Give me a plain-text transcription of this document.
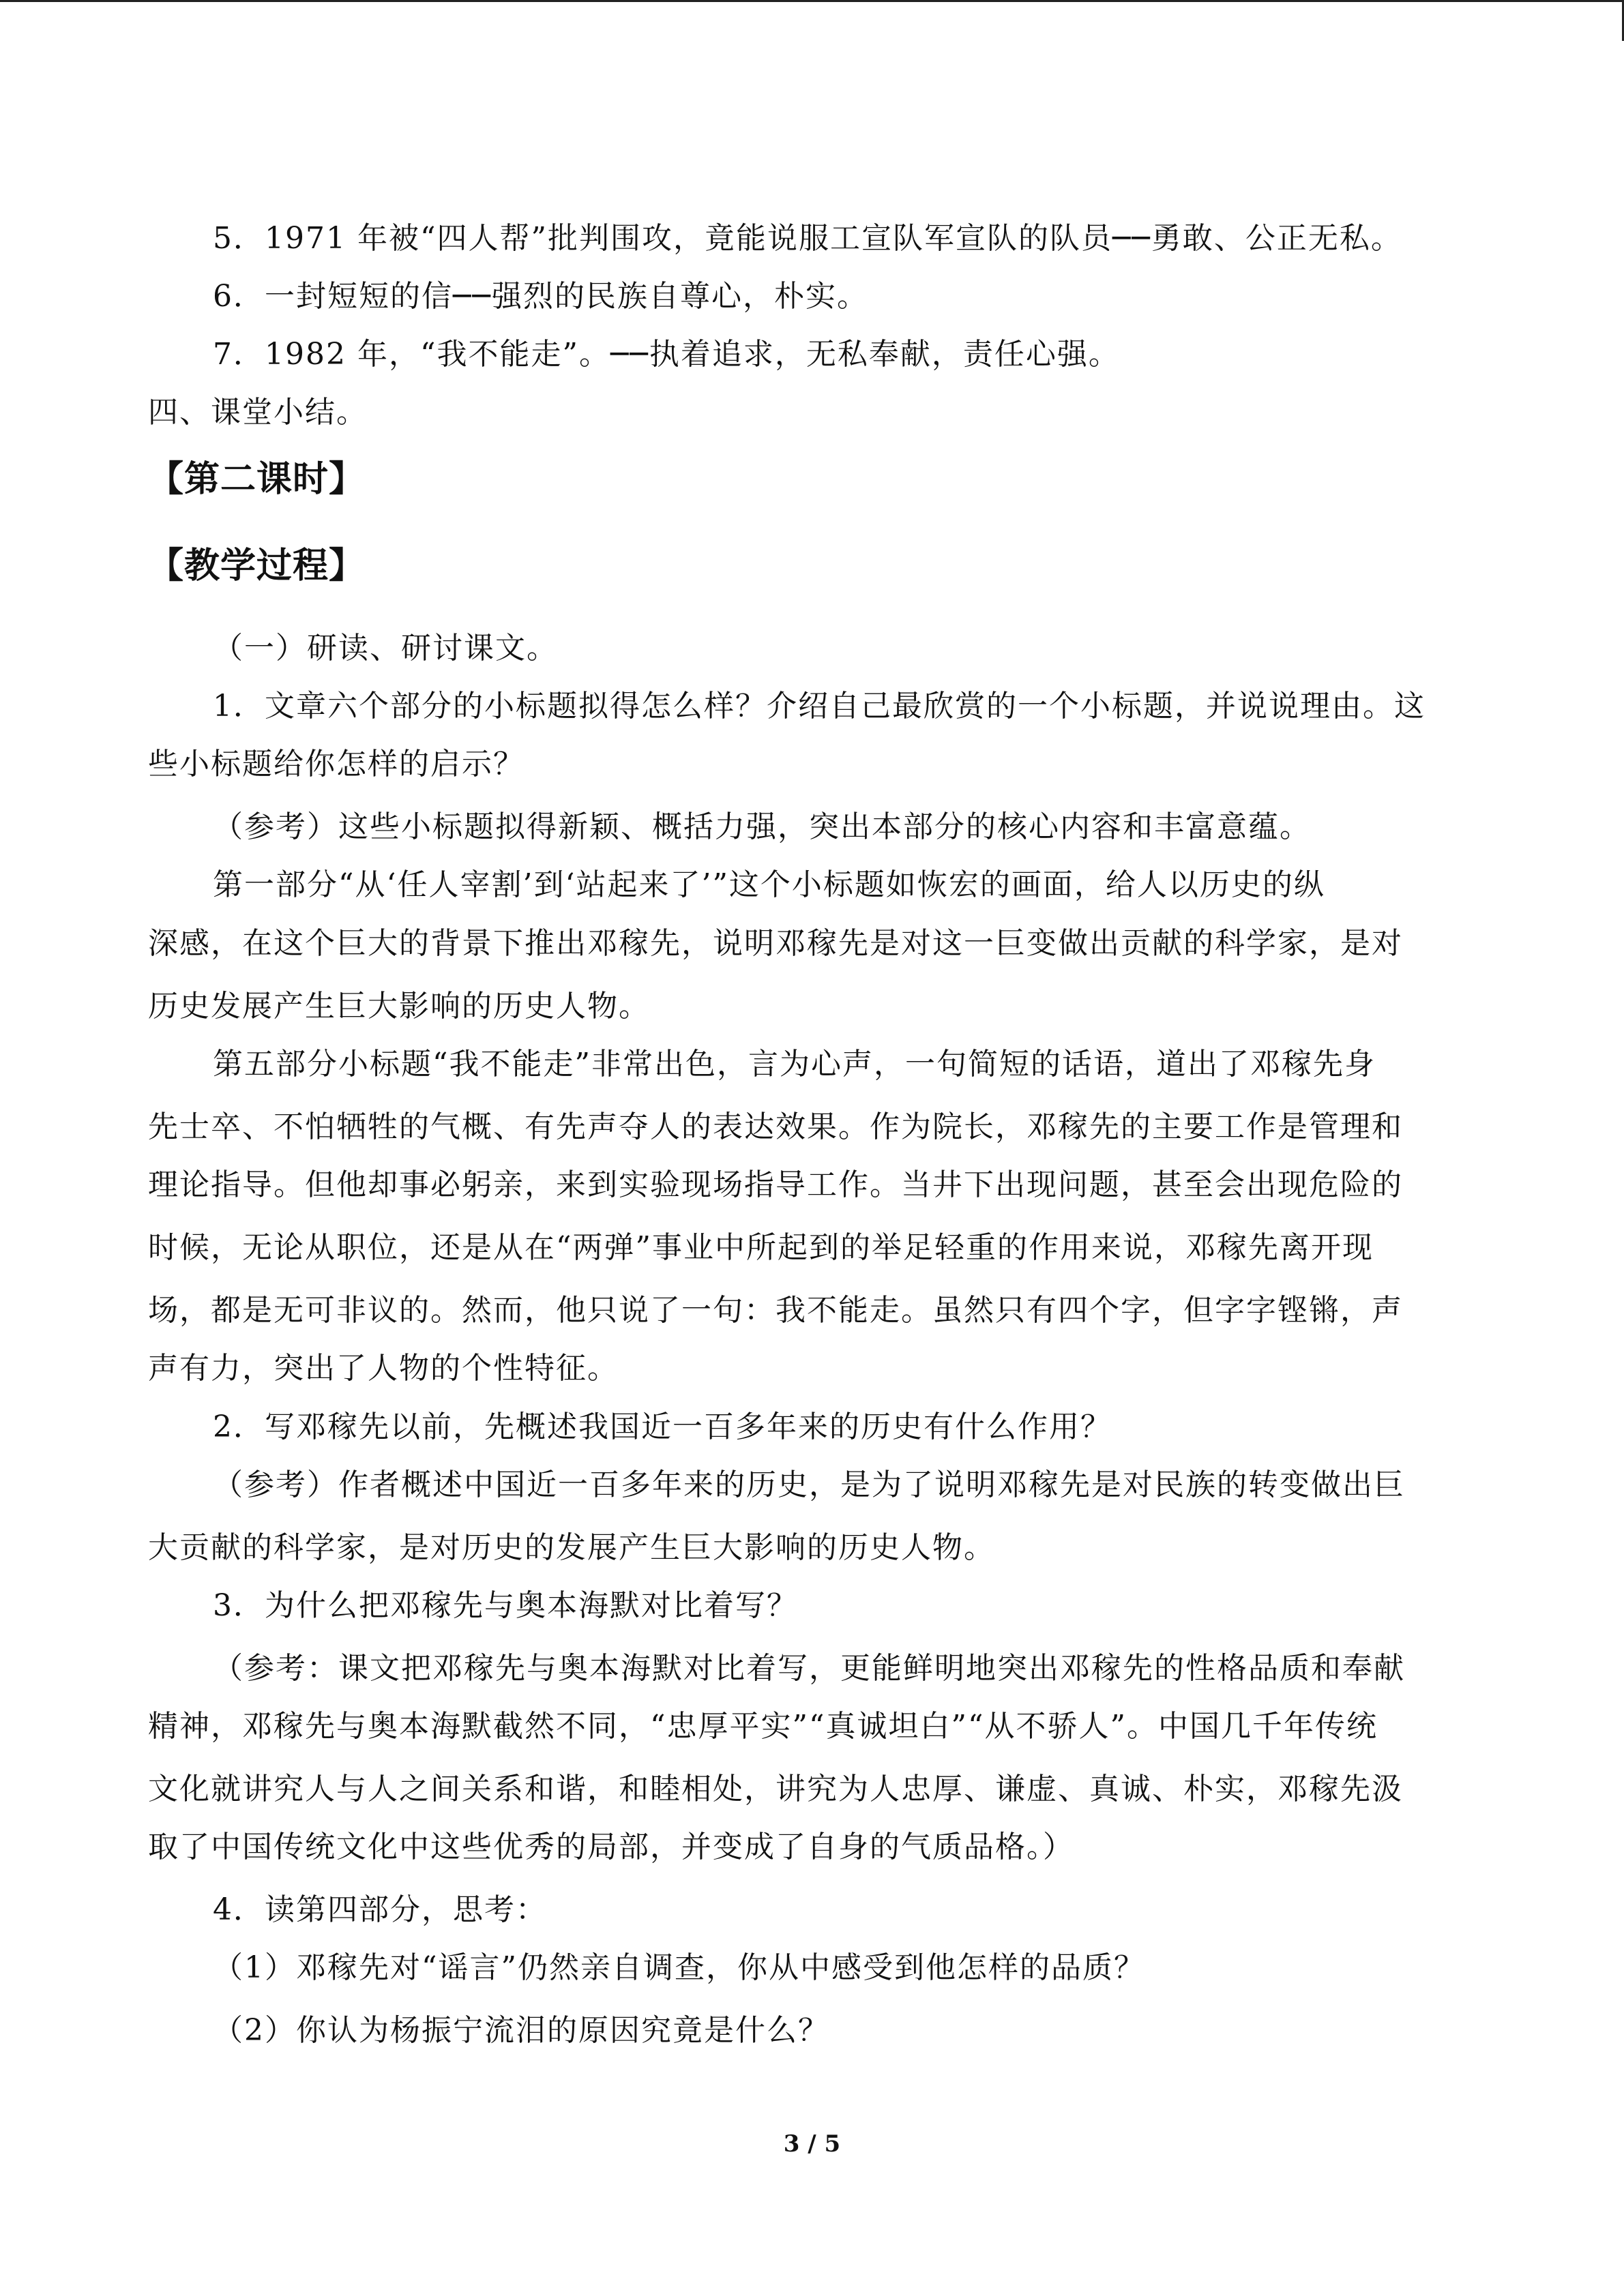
5．1971 年被“四人帮”批判围攻，竟能说服工宣队军宣队的队员──勇敢、公正无私。
6．一封短短的信──强烈的民族自尊心，朴实。
7．1982 年，“我不能走”。──执着追求，无私奉献，责任心强。
四、课堂小结。
【第二课时】
【教学过程】
（一）研读、研讨课文。
1．文章六个部分的小标题拟得怎么样？介绍自己最欣赏的一个小标题，并说说理由。这
些小标题给你怎样的启示？
（参考）这些小标题拟得新颖、概括力强，突出本部分的核心内容和丰富意蕴。
第一部分“从‘任人宰割’到‘站起来了’”这个小标题如恢宏的画面，给人以历史的纵
深感，在这个巨大的背景下推出邓稼先，说明邓稼先是对这一巨变做出贡献的科学家，是对
历史发展产生巨大影响的历史人物。
第五部分小标题“我不能走”非常出色，言为心声，一句简短的话语，道出了邓稼先身
先士卒、不怕牺牲的气概、有先声夺人的表达效果。作为院长，邓稼先的主要工作是管理和
理论指导。但他却事必躬亲，来到实验现场指导工作。当井下出现问题，甚至会出现危险的
时候，无论从职位，还是从在“两弹”事业中所起到的举足轻重的作用来说，邓稼先离开现
场，都是无可非议的。然而，他只说了一句：我不能走。虽然只有四个字，但字字铿锵，声
声有力，突出了人物的个性特征。
2．写邓稼先以前，先概述我国近一百多年来的历史有什么作用？
（参考）作者概述中国近一百多年来的历史，是为了说明邓稼先是对民族的转变做出巨
大贡献的科学家，是对历史的发展产生巨大影响的历史人物。
3．为什么把邓稼先与奥本海默对比着写？
（参考：课文把邓稼先与奥本海默对比着写，更能鲜明地突出邓稼先的性格品质和奉献
精神，邓稼先与奥本海默截然不同，“忠厚平实”“真诚坦白”“从不骄人”。中国几千年传统
文化就讲究人与人之间关系和谐，和睦相处，讲究为人忠厚、谦虚、真诚、朴实，邓稼先汲
取了中国传统文化中这些优秀的局部，并变成了自身的气质品格。）
4．读第四部分，思考：
（1）邓稼先对“谣言”仍然亲自调查，你从中感受到他怎样的品质？
（2）你认为杨振宁流泪的原因究竟是什么？
3 / 5
